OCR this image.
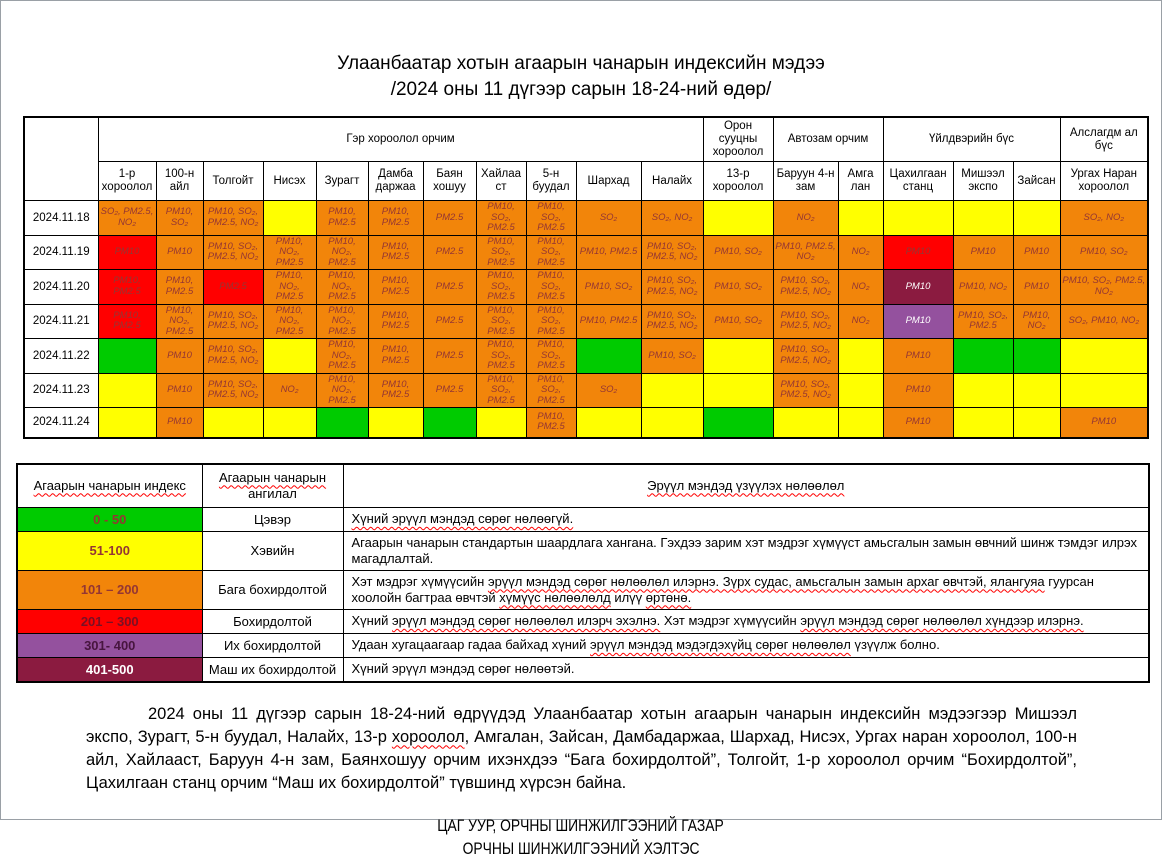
Улаанбаатар хотын агаарын чанарын индексийн мэдээ
/2024 оны 11 дүгээр сарын 18-24-ний өдөр/
	Гэр хороолол орчим											Орон сууцны хороолол	Автозам орчим		Үйлдвэрийн бүс			Алслагдм ал бүс
	1-р хороолол	100-н айл	Толгойт	Нисэх	Зурагт	Дамба даржаа	Баян хошуу	Хайлаа ст	5-н буудал	Шархад	Налайх	13-р хороолол	Баруун 4-н зам	Амга лан	Цахилгаан станц	Мишээл экспо	Зайсан	Ургах Наран хороолол
2024.11.18	SO₂, PM2.5, NO₂	PM10, SO₂	PM10, SO₂, PM2.5, NO₂		PM10, PM2.5	PM10, PM2.5	PM2.5	PM10, SO₂, PM2.5	PM10, SO₂, PM2.5	SO₂	SO₂, NO₂		NO₂					SO₂, NO₂
2024.11.19	PM10	PM10	PM10, SO₂, PM2.5, NO₂	PM10, NO₂, PM2.5	PM10, NO₂, PM2.5	PM10, PM2.5	PM2.5	PM10, SO₂, PM2.5	PM10, SO₂, PM2.5	PM10, PM2.5	PM10, SO₂, PM2.5, NO₂	PM10, SO₂	PM10, PM2.5, NO₂	NO₂	PM10	PM10	PM10	PM10, SO₂
2024.11.20	PM10, PM2.5	PM10, PM2.5	PM2.5	PM10, NO₂, PM2.5	PM10, NO₂, PM2.5	PM10, PM2.5	PM2.5	PM10, SO₂, PM2.5	PM10, SO₂, PM2.5	PM10, SO₂	PM10, SO₂, PM2.5, NO₂	PM10, SO₂	PM10, SO₂, PM2.5, NO₂	NO₂	PM10	PM10, NO₂	PM10	PM10, SO₂, PM2.5, NO₂
2024.11.21	PM10, PM2.5	PM10, NO₂, PM2.5	PM10, SO₂, PM2.5, NO₂	PM10, NO₂, PM2.5	PM10, NO₂, PM2.5	PM10, PM2.5	PM2.5	PM10, SO₂, PM2.5	PM10, SO₂, PM2.5	PM10, PM2.5	PM10, SO₂, PM2.5, NO₂	PM10, SO₂	PM10, SO₂, PM2.5, NO₂	NO₂	PM10	PM10, SO₂, PM2.5	PM10, NO₂	SO₂, PM10, NO₂
2024.11.22		PM10	PM10, SO₂, PM2.5, NO₂		PM10, NO₂, PM2.5	PM10, PM2.5	PM2.5	PM10, SO₂, PM2.5	PM10, SO₂, PM2.5		PM10, SO₂		PM10, SO₂, PM2.5, NO₂		PM10			
2024.11.23		PM10	PM10, SO₂, PM2.5, NO₂	NO₂	PM10, NO₂, PM2.5	PM10, PM2.5	PM2.5	PM10, SO₂, PM2.5	PM10, SO₂, PM2.5	SO₂			PM10, SO₂, PM2.5, NO₂		PM10			
2024.11.24		PM10							PM10, PM2.5						PM10			PM10
Агаарын чанарын индекс	Агаарын чанарын ангилал	Эрүүл мэндэд үзүүлэх нөлөөлөл
0 - 50	Цэвэр	Хүний эрүүл мэндэд сөрөг нөлөөгүй.
51-100	Хэвийн	Агаарын чанарын стандартын шаардлага хангана. Гэхдээ зарим хэт мэдрэг хүмүүст амьсгалын замын өвчний шинж тэмдэг илрэх магадлалтай.
101 – 200	Бага бохирдолтой	Хэт мэдрэг хүмүүсийн эрүүл мэндэд сөрөг нөлөөлөл илэрнэ. Зүрх судас, амьсгалын замын архаг өвчтэй, ялангуяа гуурсан хоолойн багтраа өвчтэй хүмүүс нөлөөлөлд илүү өртөнө.
201 – 300	Бохирдолтой	Хүний эрүүл мэндэд сөрөг нөлөөлөл илэрч эхэлнэ. Хэт мэдрэг хүмүүсийн эрүүл мэндэд сөрөг нөлөөлөл хүндээр илэрнэ.
301- 400	Их бохирдолтой	Удаан хугацаагаар гадаа байхад хүний эрүүл мэндэд мэдэгдэхүйц сөрөг нөлөөлөл үзүүлж болно.
401-500	Маш их бохирдолтой	Хүний эрүүл мэндэд сөрөг нөлөөтэй.

2024 оны 11 дүгээр сарын 18-24-ний өдрүүдэд Улаанбаатар хотын агаарын чанарын индексийн мэдээгээр Мишээл экспо, Зурагт, 5-н буудал, Налайх, 13-р хороолол, Амгалан, Зайсан, Дамбадаржаа, Шархад, Нисэх, Ургах наран хороолол, 100-н айл, Хайлааст, Баруун 4-н зам, Баянхошуу орчим ихэнхдээ “Бага бохирдолтой”, Толгойт, 1-р хороолол орчим “Бохирдолтой”, Цахилгаан станц орчим “Маш их бохирдолтой” түвшинд хүрсэн байна.

ЦАГ УУР, ОРЧНЫ ШИНЖИЛГЭЭНИЙ ГАЗАР
ОРЧНЫ ШИНЖИЛГЭЭНИЙ ХЭЛТЭС
